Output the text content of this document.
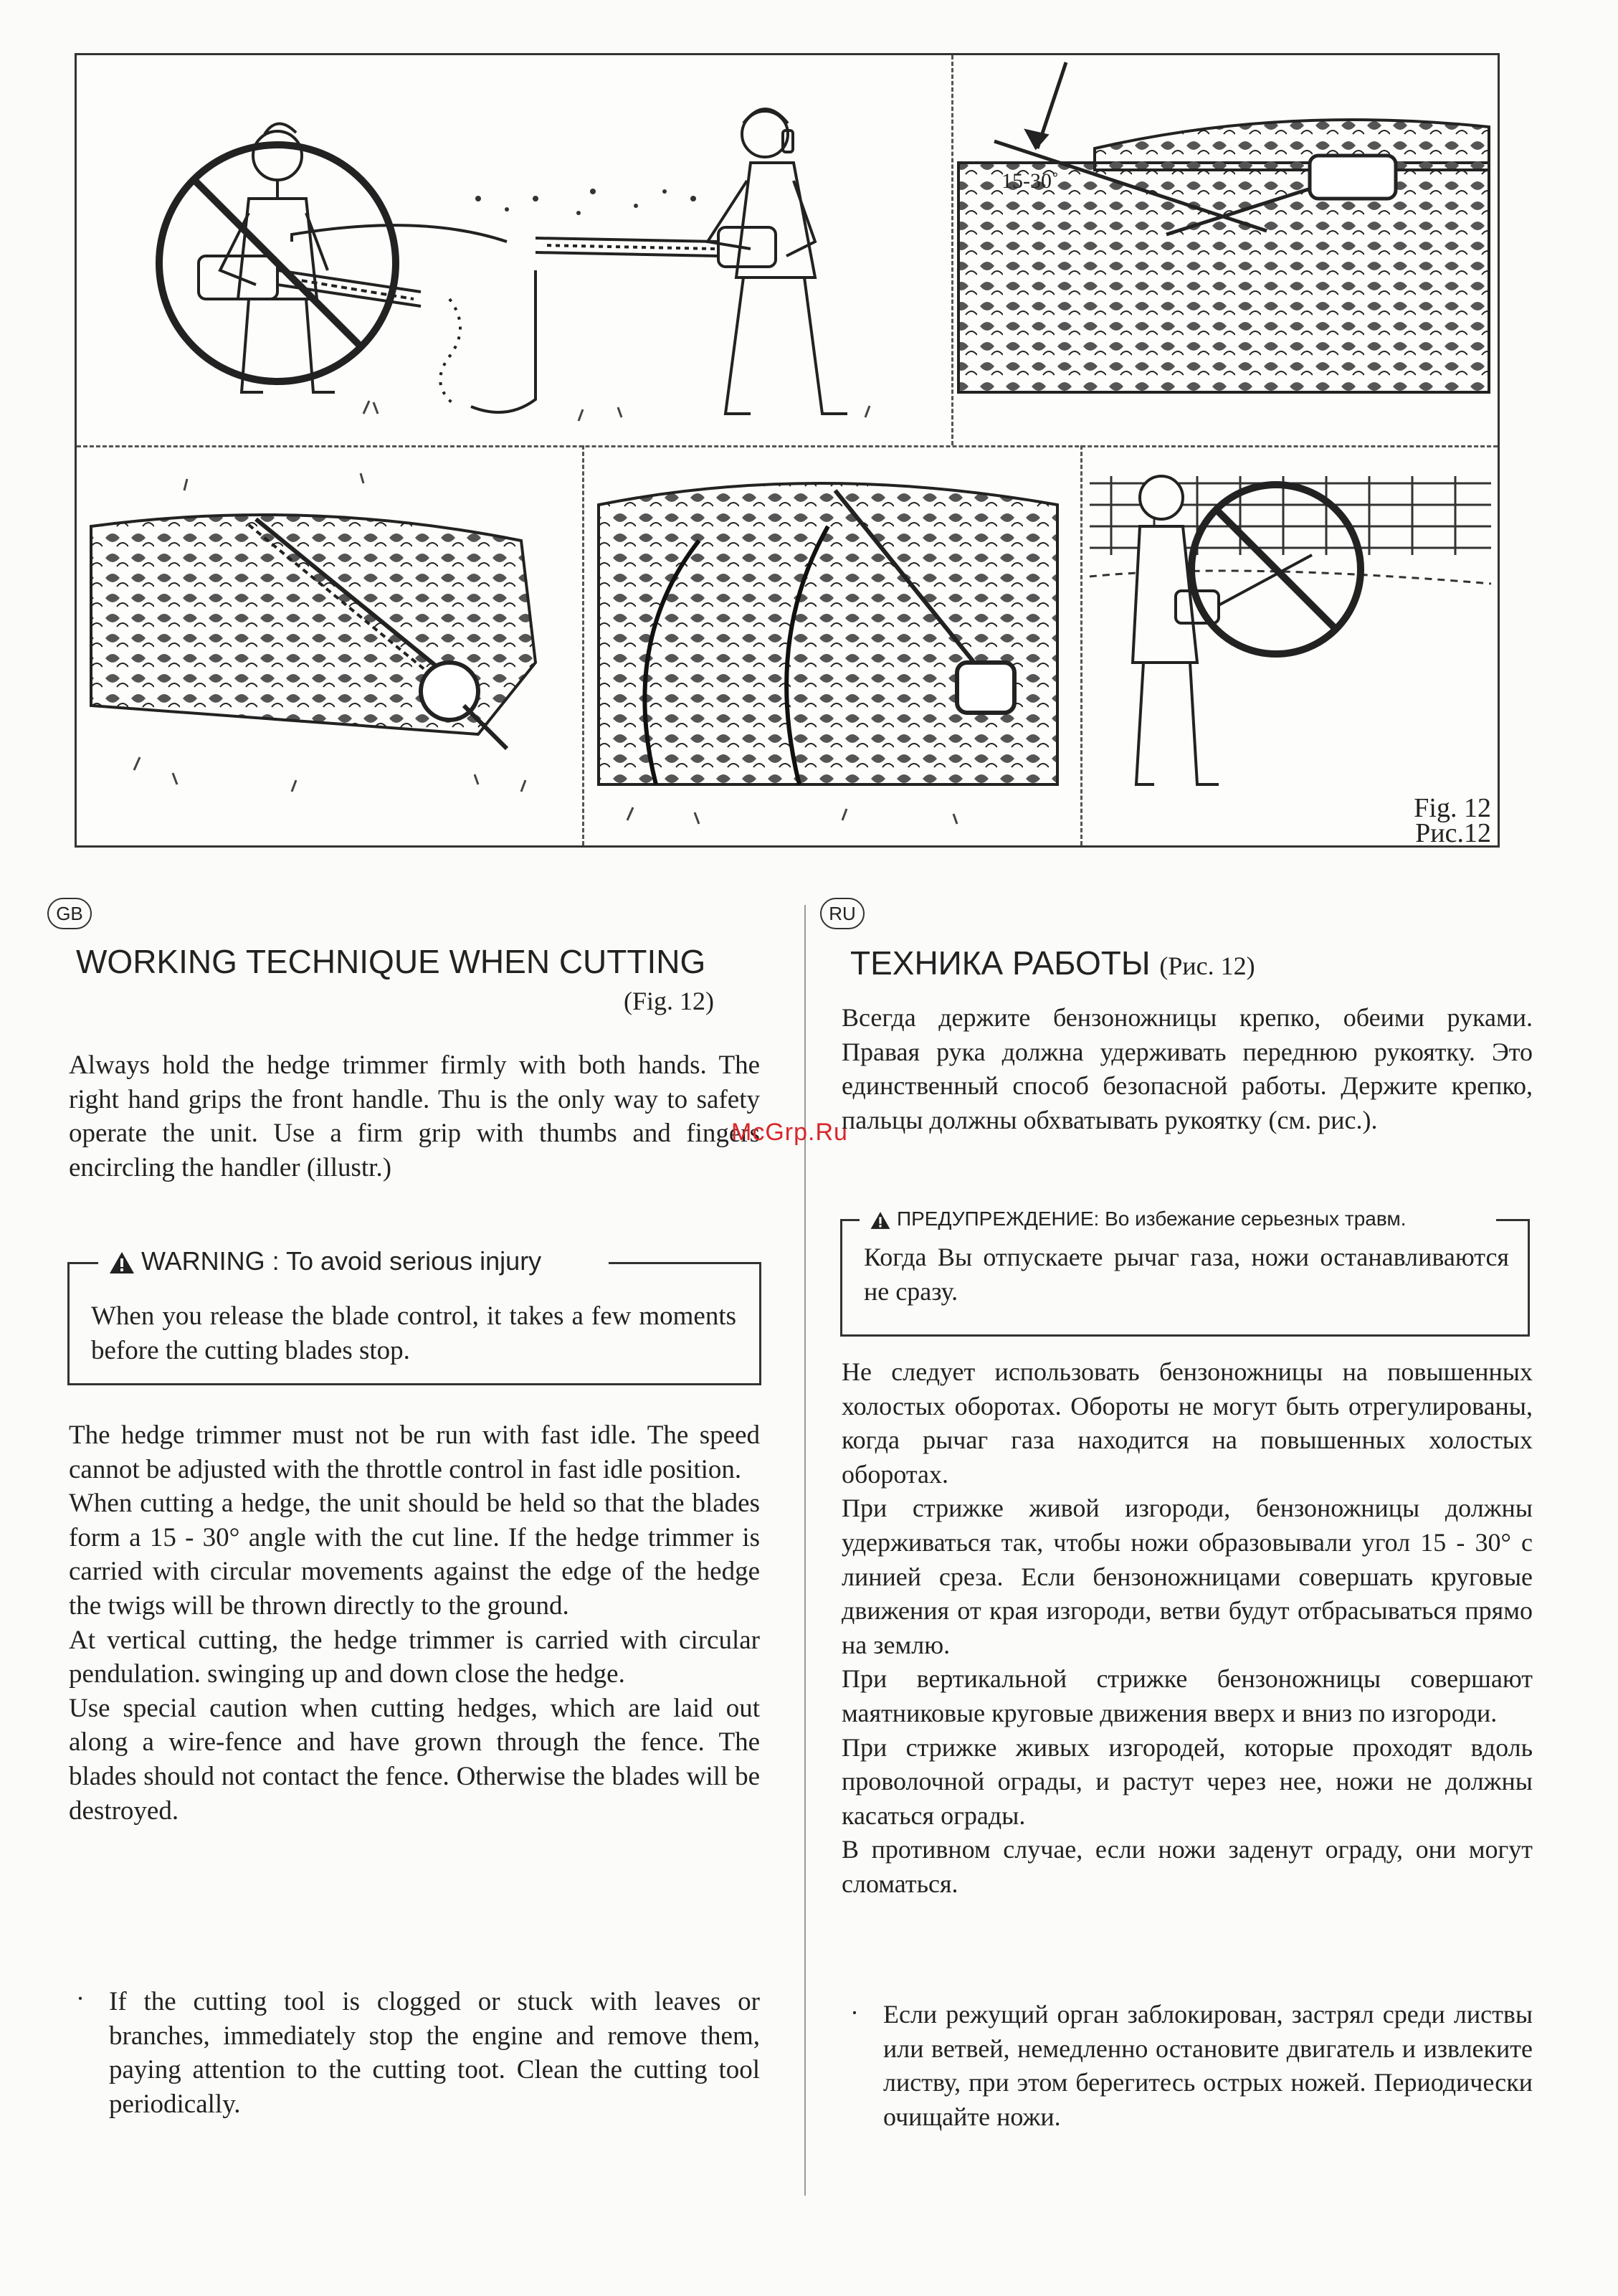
15-30˚
Fig. 12
Рис.12
GB
WORKING TECHNIQUE WHEN CUTTING
(Fig. 12)

Always hold the hedge trimmer firmly with both hands. The right hand grips the front handle. Thu is the only way to safety operate the unit. Use a firm grip with thumbs and fingers encircling the handler (illustr.)

WARNING : To avoid serious injury
When you release the blade control, it takes a few moments before the cutting blades stop.

The hedge trimmer must not be run with fast idle. The speed cannot be adjusted with the throttle control in fast idle position.

When cutting a hedge, the unit should be held so that the blades form a 15 - 30° angle with the cut line. If the hedge trimmer is carried with circular movements against the edge of the hedge the twigs will be thrown directly to the ground.

At vertical cutting, the hedge trimmer is carried with circular pendulation. swinging up and down close the hedge.

Use special caution when cutting hedges, which are laid out along a wire-fence and have grown through the fence. The blades should not contact the fence. Otherwise the blades will be destroyed.

· If the cutting tool is clogged or stuck with leaves or branches, immediately stop the engine and remove them, paying attention to the cutting toot. Clean the cutting tool periodically.
McGrp.Ru
RU
ТЕХНИКА РАБОТЫ (Рис. 12)

Всегда держите бензоножницы крепко, обеими руками. Правая рука должна удерживать переднюю рукоятку. Это единственный способ безопасной работы. Держите крепко, пальцы должны обхватывать рукоятку (см. рис.).

ПРЕДУПРЕЖДЕНИЕ: Во избежание серьезных травм.
Когда Вы отпускаете рычаг газа, ножи останавливаются не сразу.

Не следует использовать бензоножницы на повышенных холостых оборотах. Обороты не могут быть отрегулированы, когда рычаг газа находится на повышенных холостых оборотах.

При стрижке живой изгороди, бензоножницы должны удерживаться так, чтобы ножи образовывали угол 15 - 30° с линией среза. Если бензоножницами совершать круговые движения от края изгороди, ветви будут отбрасываться прямо на землю.

При вертикальной стрижке бензоножницы совершают маятниковые круговые движения вверх и вниз по изгороди.

При стрижке живых изгородей, которые проходят вдоль проволочной ограды, и растут через нее, ножи не должны касаться ограды.

В противном случае, если ножи заденут ограду, они могут сломаться.

· Если режущий орган заблокирован, застрял среди листвы или ветвей, немедленно остановите двигатель и извлеките листву, при этом берегитесь острых ножей. Периодически очищайте ножи.
